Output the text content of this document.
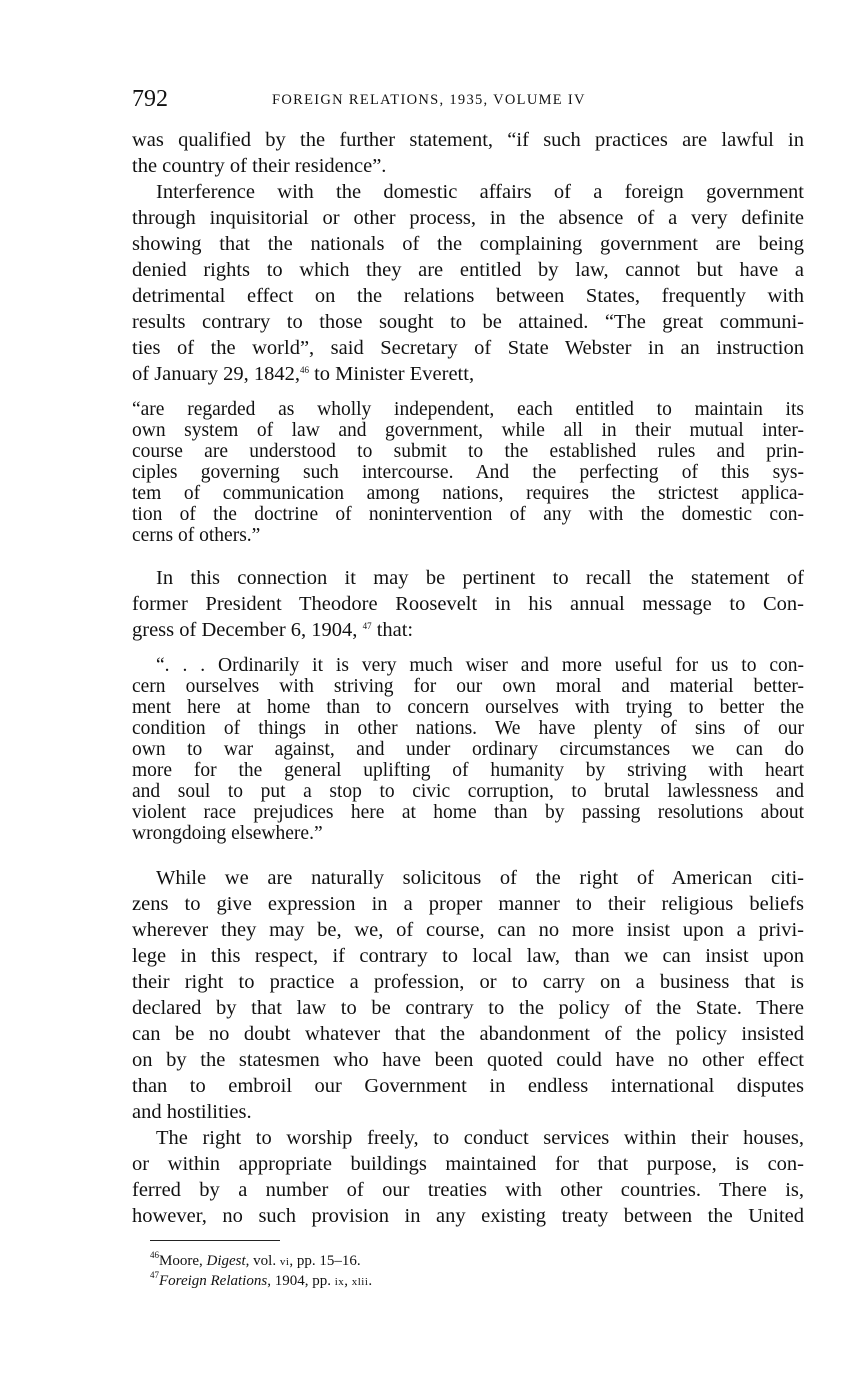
792	FOREIGN RELATIONS, 1935, VOLUME IV
was qualified by the further statement, “if such practices are lawful in
the country of their residence”.
Interference with the domestic affairs of a foreign government
through inquisitorial or other process, in the absence of a very definite
showing that the nationals of the complaining government are being
denied rights to which they are entitled by law, cannot but have a
detrimental effect on the relations between States, frequently with
results contrary to those sought to be attained. “The great communi-
ties of the world”, said Secretary of State Webster in an instruction
of January 29, 1842,46 to Minister Everett,
“are regarded as wholly independent, each entitled to maintain its
own system of law and government, while all in their mutual inter-
course are understood to submit to the established rules and prin-
ciples governing such intercourse. And the perfecting of this sys-
tem of communication among nations, requires the strictest applica-
tion of the doctrine of nonintervention of any with the domestic con-
cerns of others.”
In this connection it may be pertinent to recall the statement of
former President Theodore Roosevelt in his annual message to Con-
gress of December 6, 1904, $^{47}$ that:
“. . . Ordinarily it is very much wiser and more useful for us to con-
cern ourselves with striving for our own moral and material better-
ment here at home than to concern ourselves with trying to better the
condition of things in other nations. We have plenty of sins of our
own to war against, and under ordinary circumstances we can do
more for the general uplifting of humanity by striving with heart
and soul to put a stop to civic corruption, to brutal lawlessness and
violent race prejudices here at home than by passing resolutions about
wrongdoing elsewhere.”
While we are naturally solicitous of the right of American citi-
zens to give expression in a proper manner to their religious beliefs
wherever they may be, we, of course, can no more insist upon a privi-
lege in this respect, if contrary to local law, than we can insist upon
their right to practice a profession, or to carry on a business that is
declared by that law to be contrary to the policy of the State. There
can be no doubt whatever that the abandonment of the policy insisted
on by the statesmen who have been quoted could have no other effect
than to embroil our Government in endless international disputes
and hostilities.
The right to worship freely, to conduct services within their houses,
or within appropriate buildings maintained for that purpose, is con-
ferred by a number of our treaties with other countries. There is,
however, no such provision in any existing treaty between the United
$^{46}$Moore, Digest, vol. vi, pp. 15–16.
$^{47}$Foreign Relations, 1904, pp. ix, xlii.
